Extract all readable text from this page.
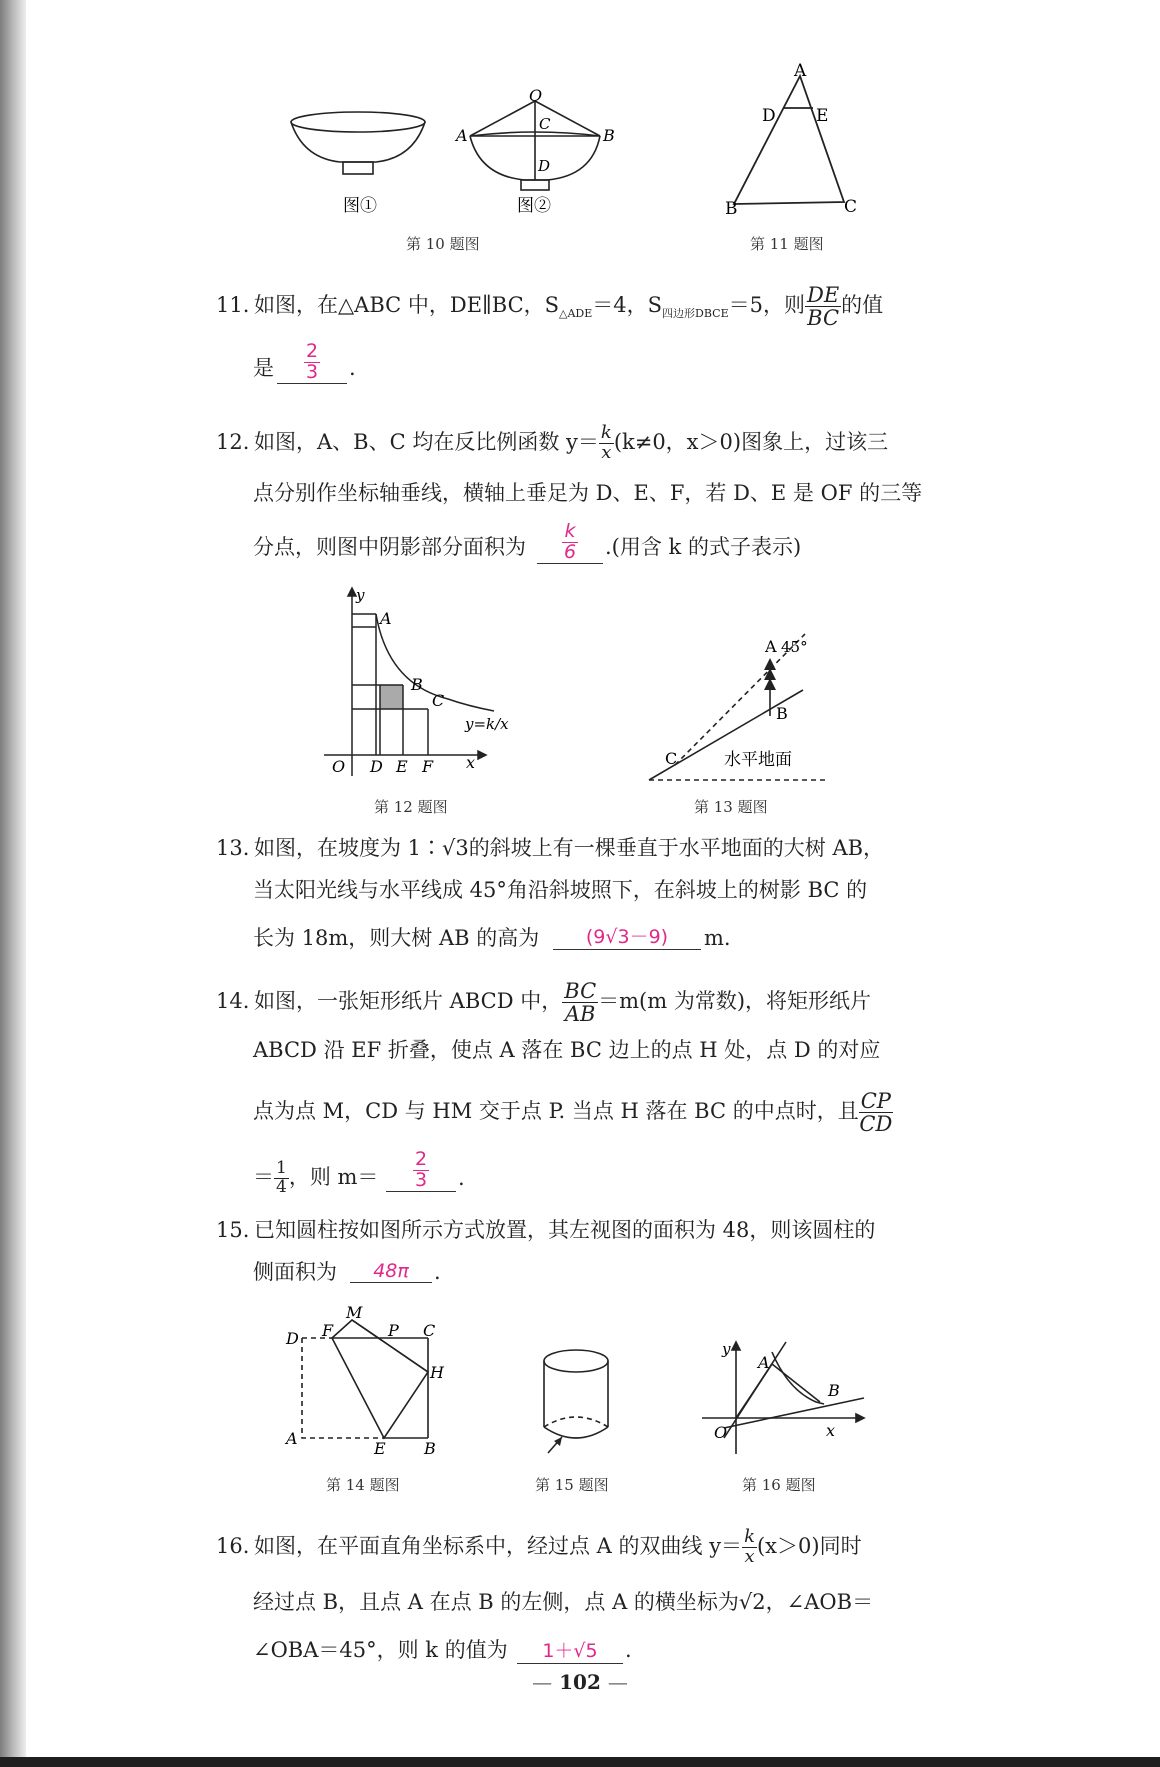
O
C
A	B
D
图①	图②
第 10 题图
A
D E
B	C
第 11 题图
11. 如图，在△ABC 中，DE∥BC，$S_{\triangle ADE}=4$，$S_{四边形DBCE}=5$，则 $\frac{DE}{BC}$ 的值
是 $\frac{2}{3}$ .
12. 如图，A、B、C 均在反比例函数 $y= \frac{k}{x} (k\ne 0$，x＞0)图象上，过该三
点分别作坐标轴垂线，横轴上垂足为 D、E、F，若 D、E 是 OF 的三等
分点，则图中阴影部分面积为 $\frac{k}{6}$ .(用含 k 的式子表示)
y
A
B
C
O D E F x
y=k/x
第 12 题图
A 45°
B
C	水平地面
第 13 题图
13. 如图，在坡度为 1∶√3的斜坡上有一棵垂直于水平地面的大树 AB，
当太阳光线与水平线成 45°角沿斜坡照下，在斜坡上的树影 BC 的
长为 18m，则大树 AB 的高为	(9√3－9)	m.
14. 如图，一张矩形纸片 ABCD 中， $\frac{BC}{AB} =m(m$ 为常数)，将矩形纸片
ABCD 沿 EF 折叠，使点 A 落在 BC 边上的点 H 处，点 D 的对应
点为点 M，CD 与 HM 交于点 P. 当点 H 落在 BC 的中点时，且 $\frac{CP}{CD}$
＝ $\frac{1}{4}$ ，则 $m= \frac{2}{3}$ .
15. 已知圆柱按如图所示方式放置，其左视图的面积为 48，则该圆柱的
侧面积为	48π	.
M
D F	P C
H
A
E B
第 14 题图	第 15 题图
y
A
B
O	x
第 16 题图
16. 如图，在平面直角坐标系中，经过点 A 的双曲线 $y= \frac{k}{x} (x>0)$同时
经过点 B，且点 A 在点 B 的左侧，点 A 的横坐标为√2，∠AOB＝
∠OBA＝45°，则 k 的值为	1＋√5	.
— 102 —
